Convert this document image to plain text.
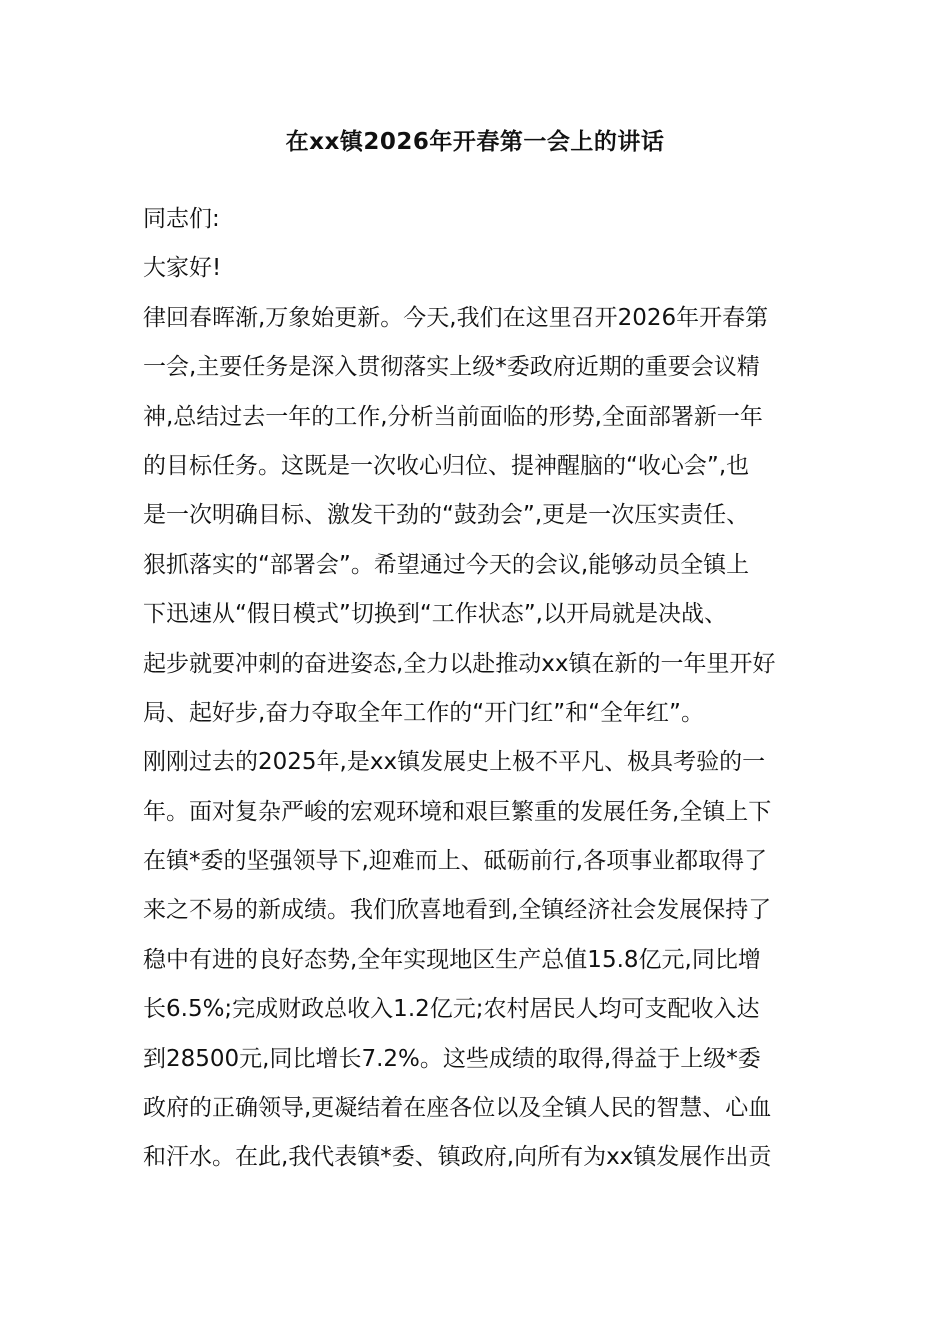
在xx镇2026年开春第一会上的讲话
同志们:
大家好!
律回春晖渐,万象始更新。今天,我们在这里召开2026年开春第
一会,主要任务是深入贯彻落实上级*委政府近期的重要会议精
神,总结过去一年的工作,分析当前面临的形势,全面部署新一年
的目标任务。这既是一次收心归位、提神醒脑的“收心会”,也
是一次明确目标、激发干劲的“鼓劲会”,更是一次压实责任、
狠抓落实的“部署会”。希望通过今天的会议,能够动员全镇上
下迅速从“假日模式”切换到“工作状态”,以开局就是决战、
起步就要冲刺的奋进姿态,全力以赴推动xx镇在新的一年里开好
局、起好步,奋力夺取全年工作的“开门红”和“全年红”。
刚刚过去的2025年,是xx镇发展史上极不平凡、极具考验的一
年。面对复杂严峻的宏观环境和艰巨繁重的发展任务,全镇上下
在镇*委的坚强领导下,迎难而上、砥砺前行,各项事业都取得了
来之不易的新成绩。我们欣喜地看到,全镇经济社会发展保持了
稳中有进的良好态势,全年实现地区生产总值15.8亿元,同比增
长6.5%;完成财政总收入1.2亿元;农村居民人均可支配收入达
到28500元,同比增长7.2%。这些成绩的取得,得益于上级*委
政府的正确领导,更凝结着在座各位以及全镇人民的智慧、心血
和汗水。在此,我代表镇*委、镇政府,向所有为xx镇发展作出贡
